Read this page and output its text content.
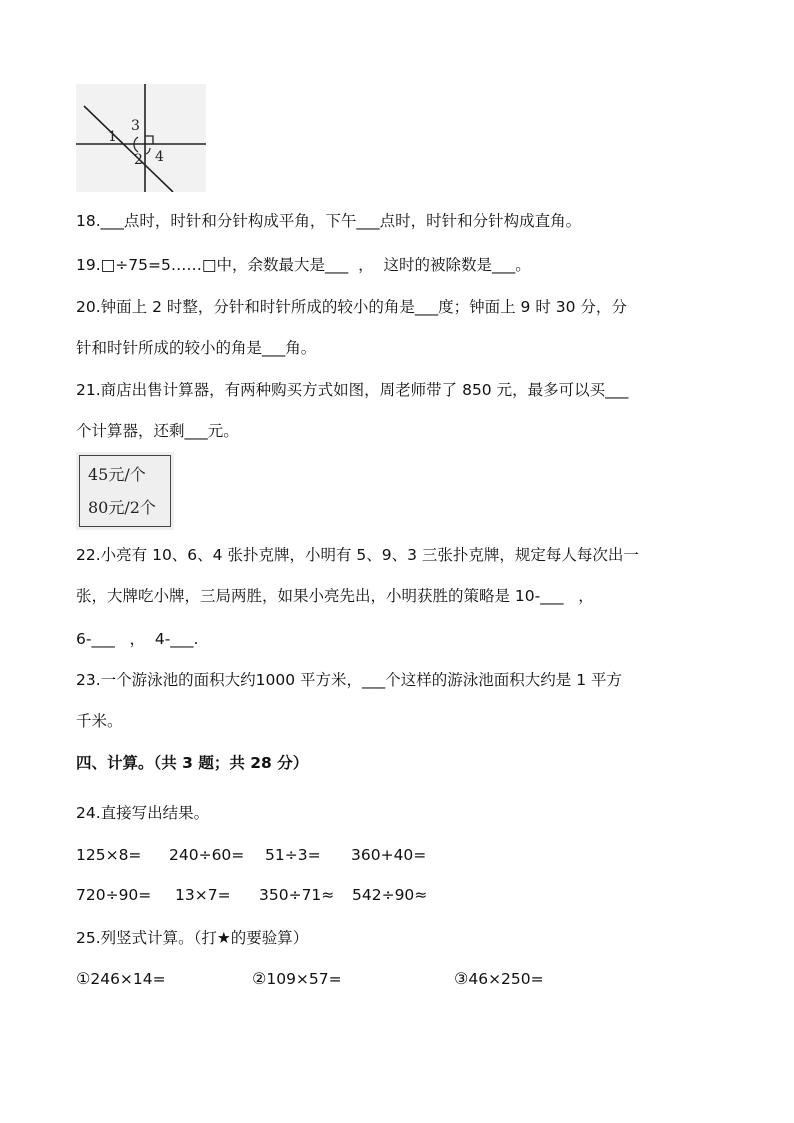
3
1
2 4
18.___点时，时针和分针构成平角，下午___点时，时针和分针构成直角。
19.□÷75=5……□中，余数最大是___  ，  这时的被除数是___。
20.钟面上 2 时整，分针和时针所成的较小的角是___度；钟面上 9 时 30 分，分
针和时针所成的较小的角是___角。
21.商店出售计算器，有两种购买方式如图，周老师带了 850 元，最多可以买___
个计算器，还剩___元。
45元/个
80元/2个
22.小亮有 10、6、4 张扑克牌，小明有 5、9、3 三张扑克牌，规定每人每次出一
张，大牌吃小牌，三局两胜，如果小亮先出，小明获胜的策略是 10-___   ，
6-___   ，  4-___.
23.一个游泳池的面积大约1000 平方米，___个这样的游泳池面积大约是 1 平方
千米。
四、计算。（共 3 题；共 28 分）
24.直接写出结果。
125×8= 240÷60= 51÷3= 360+40=
720÷90= 13×7= 350÷71≈ 542÷90≈
25.列竖式计算。（打★的要验算）
①246×14=	②109×57=	③46×250=
